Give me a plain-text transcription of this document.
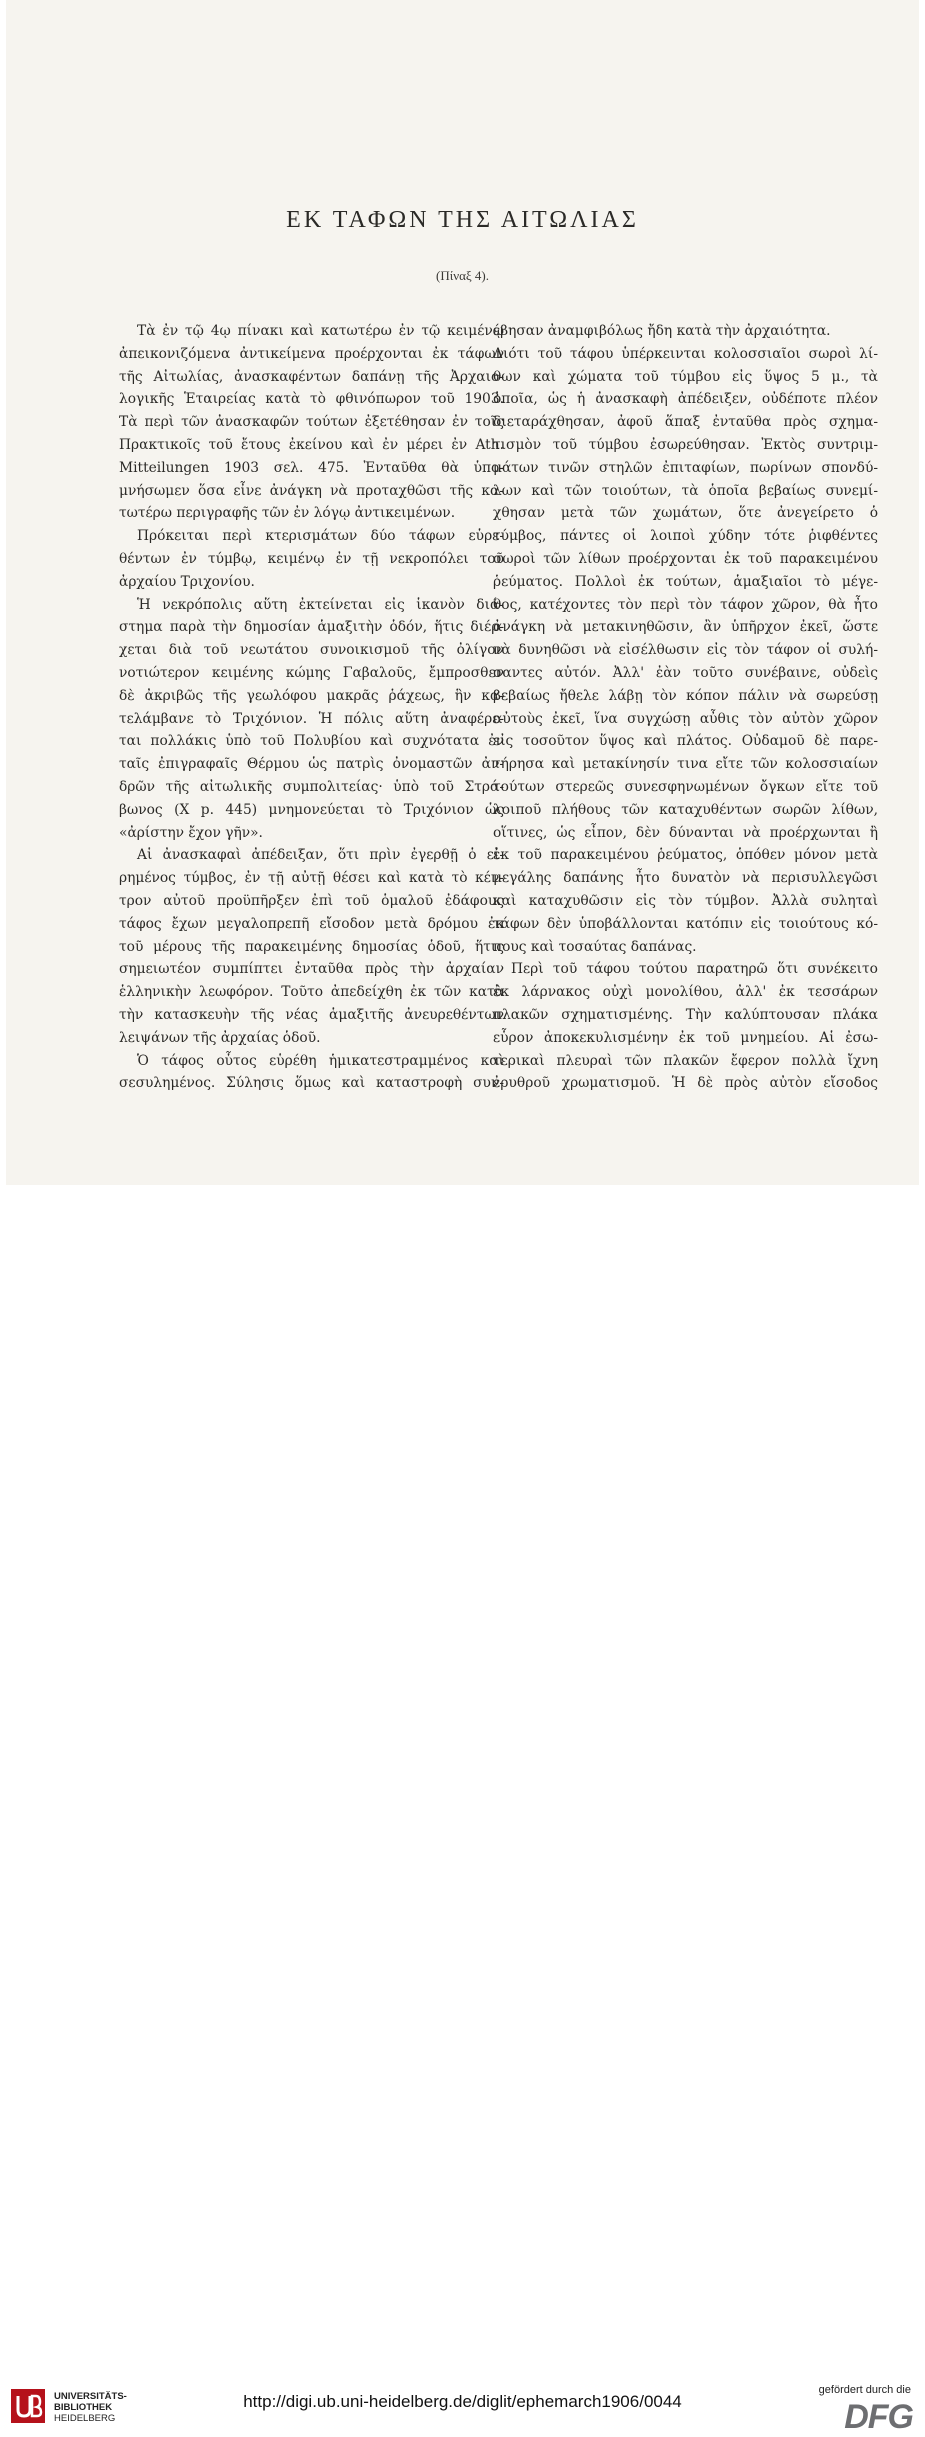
ΕΚ ΤΑΦΩΝ ΤΗΣ ΑΙΤΩΛΙΑΣ
(Πίναξ 4).
Τὰ ἐν τῷ 4ῳ πίνακι καὶ κατωτέρω ἐν τῷ κειμένῳ
ἀπεικονιζόμενα ἀντικείμενα προέρχονται ἐκ τάφων
τῆς Αἰτωλίας, ἀνασκαφέντων δαπάνῃ τῆς Ἀρχαιο-
λογικῆς Ἑταιρείας κατὰ τὸ φθινόπωρον τοῦ 1903.
Τὰ περὶ τῶν ἀνασκαφῶν τούτων ἐξετέθησαν ἐν τοῖς
Πρακτικοῖς τοῦ ἔτους ἐκείνου καὶ ἐν μέρει ἐν Ath.
Mitteilungen 1903 σελ. 475. Ἐνταῦθα θὰ ὑπο-
μνήσωμεν ὅσα εἶνε ἀνάγκη νὰ προταχθῶσι τῆς κα-
τωτέρω περιγραφῆς τῶν ἐν λόγῳ ἀντικειμένων.
Πρόκειται περὶ κτερισμάτων δύο τάφων εὑρε-
θέντων ἐν τύμβῳ, κειμένῳ ἐν τῇ νεκροπόλει τοῦ
ἀρχαίου Τριχονίου.
Ἡ νεκρόπολις αὕτη ἐκτείνεται εἰς ἱκανὸν διά-
στημα παρὰ τὴν δημοσίαν ἁμαξιτὴν ὁδόν, ἥτις διέρ-
χεται διὰ τοῦ νεωτάτου συνοικισμοῦ τῆς ὀλίγον
νοτιώτερον κειμένης κώμης Γαβαλοῦς, ἔμπροσθεν
δὲ ἀκριβῶς τῆς γεωλόφου μακρᾶς ῥάχεως, ἣν κα-
τελάμβανε τὸ Τριχόνιον. Ἡ πόλις αὕτη ἀναφέρε-
ται πολλάκις ὑπὸ τοῦ Πολυβίου καὶ συχνότατα ἐν
ταῖς ἐπιγραφαῖς Θέρμου ὡς πατρὶς ὀνομαστῶν ἀν-
δρῶν τῆς αἰτωλικῆς συμπολιτείας· ὑπὸ τοῦ Στρά-
βωνος (X p. 445) μνημονεύεται τὸ Τριχόνιον ὡς
«ἀρίστην ἔχον γῆν».
Αἱ ἀνασκαφαὶ ἀπέδειξαν, ὅτι πρὶν ἐγερθῇ ὁ εἰ-
ρημένος τύμβος, ἐν τῇ αὐτῇ θέσει καὶ κατὰ τὸ κέν-
τρον αὐτοῦ προϋπῆρξεν ἐπὶ τοῦ ὁμαλοῦ ἐδάφους
τάφος ἔχων μεγαλοπρεπῆ εἴσοδον μετὰ δρόμου ἐκ
τοῦ μέρους τῆς παρακειμένης δημοσίας ὁδοῦ, ἥτις
σημειωτέον συμπίπτει ἐνταῦθα πρὸς τὴν ἀρχαίαν
ἑλληνικὴν λεωφόρον. Τοῦτο ἀπεδείχθη ἐκ τῶν κατὰ
τὴν κατασκευὴν τῆς νέας ἁμαξιτῆς ἀνευρεθέντων
λειψάνων τῆς ἀρχαίας ὁδοῦ.
Ὁ τάφος οὗτος εὑρέθη ἡμικατεστραμμένος καὶ
σεσυλημένος. Σύλησις ὅμως καὶ καταστροφὴ συν-
έβησαν ἀναμφιβόλως ἤδη κατὰ τὴν ἀρχαιότητα.
Διότι τοῦ τάφου ὑπέρκεινται κολοσσιαῖοι σωροὶ λί-
θων καὶ χώματα τοῦ τύμβου εἰς ὕψος 5 μ., τὰ
ὁποῖα, ὡς ἡ ἀνασκαφὴ ἀπέδειξεν, οὐδέποτε πλέον
διεταράχθησαν, ἀφοῦ ἅπαξ ἐνταῦθα πρὸς σχημα-
τισμὸν τοῦ τύμβου ἐσωρεύθησαν. Ἐκτὸς συντριμ-
μάτων τινῶν στηλῶν ἐπιταφίων, πωρίνων σπονδύ-
λων καὶ τῶν τοιούτων, τὰ ὁποῖα βεβαίως συνεμί-
χθησαν μετὰ τῶν χωμάτων, ὅτε ἀνεγείρετο ὁ
τύμβος, πάντες οἱ λοιποὶ χύδην τότε ῥιφθέντες
σωροὶ τῶν λίθων προέρχονται ἐκ τοῦ παρακειμένου
ῥεύματος. Πολλοὶ ἐκ τούτων, ἁμαξιαῖοι τὸ μέγε-
θος, κατέχοντες τὸν περὶ τὸν τάφον χῶρον, θὰ ἦτο
ἀνάγκη νὰ μετακινηθῶσιν, ἂν ὑπῆρχον ἐκεῖ, ὥστε
νὰ δυνηθῶσι νὰ εἰσέλθωσιν εἰς τὸν τάφον οἱ συλή-
σαντες αὐτόν. Ἀλλ' ἐὰν τοῦτο συνέβαινε, οὐδεὶς
βεβαίως ἤθελε λάβῃ τὸν κόπον πάλιν νὰ σωρεύσῃ
αὐτοὺς ἐκεῖ, ἵνα συγχώσῃ αὖθις τὸν αὐτὸν χῶρον
εἰς τοσοῦτον ὕψος καὶ πλάτος. Οὐδαμοῦ δὲ παρε-
τήρησα καὶ μετακίνησίν τινα εἴτε τῶν κολοσσιαίων
τούτων στερεῶς συνεσφηνωμένων ὄγκων εἴτε τοῦ
λοιποῦ πλήθους τῶν καταχυθέντων σωρῶν λίθων,
οἵτινες, ὡς εἶπον, δὲν δύνανται νὰ προέρχωνται ἢ
ἐκ τοῦ παρακειμένου ῥεύματος, ὁπόθεν μόνον μετὰ
μεγάλης δαπάνης ἦτο δυνατὸν νὰ περισυλλεγῶσι
καὶ καταχυθῶσιν εἰς τὸν τύμβον. Ἀλλὰ συληταὶ
τάφων δὲν ὑποβάλλονται κατόπιν εἰς τοιούτους κό-
πους καὶ τοσαύτας δαπάνας.
Περὶ τοῦ τάφου τούτου παρατηρῶ ὅτι συνέκειτο
ἐκ λάρνακος οὐχὶ μονολίθου, ἀλλ' ἐκ τεσσάρων
πλακῶν σχηματισμένης. Τὴν καλύπτουσαν πλάκα
εὗρον ἀποκεκυλισμένην ἐκ τοῦ μνημείου. Αἱ ἐσω-
τερικαὶ πλευραὶ τῶν πλακῶν ἔφερον πολλὰ ἴχνη
ἐρυθροῦ χρωματισμοῦ. Ἡ δὲ πρὸς αὐτὸν εἴσοδος
UNIVERSITÄTS-
BIBLIOTHEK
HEIDELBERG
http://digi.ub.uni-heidelberg.de/diglit/ephemarch1906/0044
gefördert durch die
DFG
